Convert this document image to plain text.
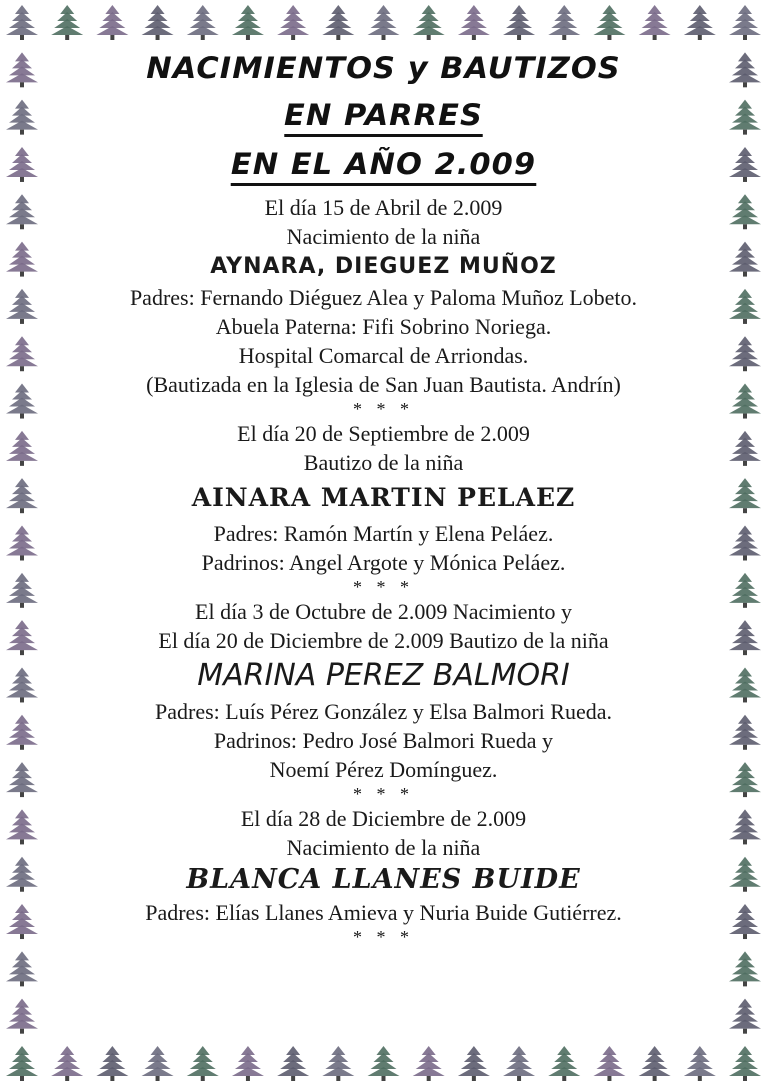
NACIMIENTOS y BAUTIZOS

EN PARRES

EN EL AÑO 2.009

El día 15 de Abril de 2.009

Nacimiento de la niña

AYNARA, DIEGUEZ MUÑOZ

Padres: Fernando Diéguez Alea y Paloma Muñoz Lobeto.

Abuela Paterna: Fifi Sobrino Noriega.

Hospital Comarcal de Arriondas.

(Bautizada en la Iglesia de San Juan Bautista. Andrín)

* * *

El día 20 de Septiembre de 2.009

Bautizo de la niña

AINARA MARTIN PELAEZ

Padres: Ramón Martín y Elena Peláez.

Padrinos: Angel Argote y Mónica Peláez.

* * *

El día 3 de Octubre de 2.009 Nacimiento y

El día 20 de Diciembre de 2.009 Bautizo de la niña

MARINA PEREZ BALMORI

Padres: Luís Pérez González y Elsa Balmori Rueda.

Padrinos: Pedro José Balmori Rueda y

Noemí Pérez Domínguez.

* * *

El día 28 de Diciembre de 2.009

Nacimiento de la niña

BLANCA LLANES BUIDE

Padres: Elías Llanes Amieva y Nuria Buide Gutiérrez.

* * *
